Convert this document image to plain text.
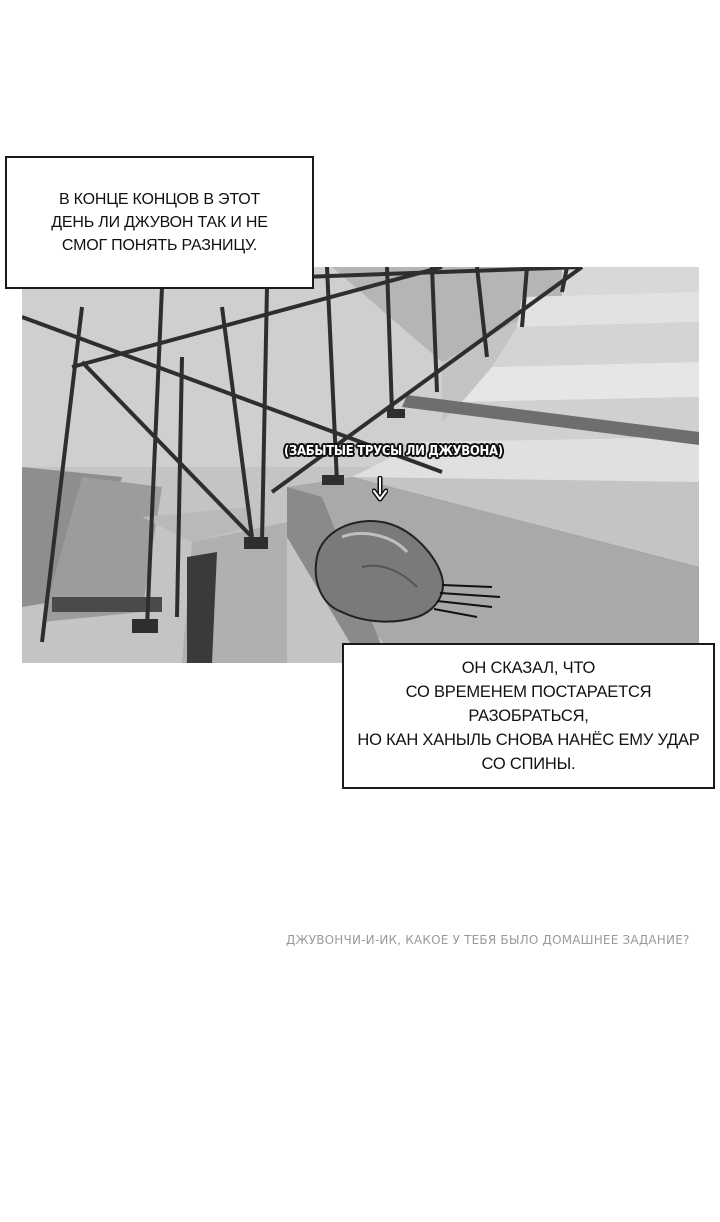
В КОНЦЕ КОНЦОВ В ЭТОТ
ДЕНЬ ЛИ ДЖУВОН ТАК И НЕ
СМОГ ПОНЯТЬ РАЗНИЦУ.
(ЗАБЫТЫЕ ТРУСЫ ЛИ ДЖУВОНА)
ОН СКАЗАЛ, ЧТО
СО ВРЕМЕНЕМ ПОСТАРАЕТСЯ РАЗОБРАТЬСЯ,
НО КАН ХАНЫЛЬ СНОВА НАНЁС ЕМУ УДАР
СО СПИНЫ.
ДЖУВОНЧИ-И-ИК, КАКОЕ У ТЕБЯ БЫЛО ДОМАШНЕЕ ЗАДАНИЕ?
